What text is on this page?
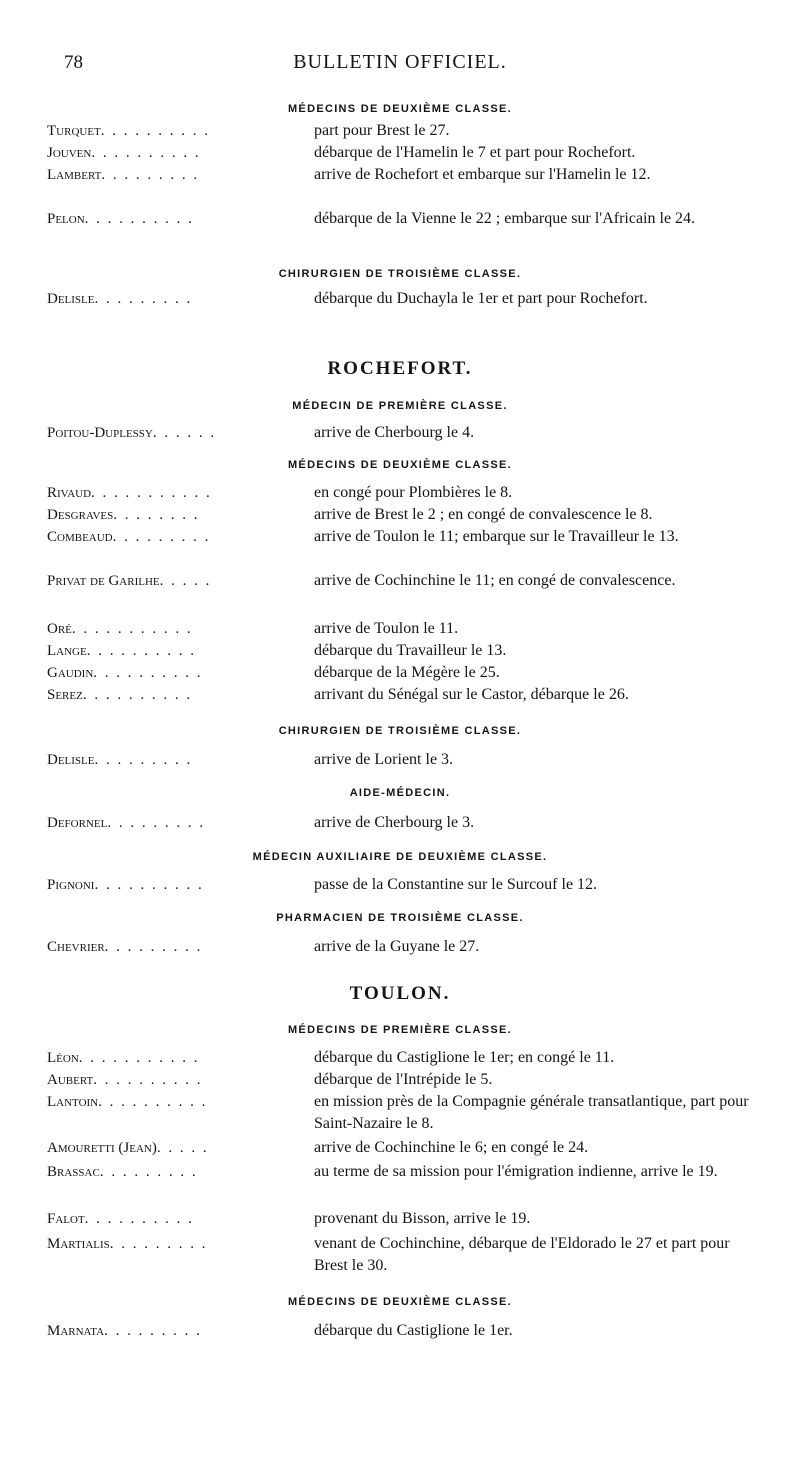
78	BULLETIN OFFICIEL.
MÉDECINS DE DEUXIÈME CLASSE.
Turquet. . . . . . . . . .	part pour Brest le 27.
Jouven. . . . . . . . . .	débarque de l'Hamelin le 7 et part pour Rochefort.
Lambert. . . . . . . . .	arrive de Rochefort et embarque sur l'Hamelin le 12.
Pelon. . . . . . . . . .	débarque de la Vienne le 22 ; embarque sur l'Africain le 24.
CHIRURGIEN DE TROISIÈME CLASSE.
Delisle. . . . . . . . .	débarque du Duchayla le 1er et part pour Rochefort.
ROCHEFORT.
MÉDECIN DE PREMIÈRE CLASSE.
Poitou-Duplessy. . . . . .	arrive de Cherbourg le 4.
MÉDECINS DE DEUXIÈME CLASSE.
Rivaud. . . . . . . . . . .	en congé pour Plombières le 8.
Desgraves. . . . . . . .	arrive de Brest le 2 ; en congé de convalescence le 8.
Combeaud. . . . . . . . .	arrive de Toulon le 11; embarque sur le Travailleur le 13.
Privat de Garilhe. . . . .	arrive de Cochinchine le 11; en congé de convalescence.
Oré. . . . . . . . . . .	arrive de Toulon le 11.
Lange. . . . . . . . . .	débarque du Travailleur le 13.
Gaudin. . . . . . . . . .	débarque de la Mégère le 25.
Serez. . . . . . . . . .	arrivant du Sénégal sur le Castor, débarque le 26.
CHIRURGIEN DE TROISIÈME CLASSE.
Delisle. . . . . . . . .	arrive de Lorient le 3.
AIDE-MÉDECIN.
Defornel. . . . . . . . .	arrive de Cherbourg le 3.
MÉDECIN AUXILIAIRE DE DEUXIÈME CLASSE.
Pignoni. . . . . . . . . .	passe de la Constantine sur le Surcouf le 12.
PHARMACIEN DE TROISIÈME CLASSE.
Chevrier. . . . . . . . .	arrive de la Guyane le 27.
TOULON.
MÉDECINS DE PREMIÈRE CLASSE.
Léon. . . . . . . . . . .	débarque du Castiglione le 1er; en congé le 11.
Aubert. . . . . . . . . .	débarque de l'Intrépide le 5.
Lantoin. . . . . . . . . .	en mission près de la Compagnie générale transatlantique, part pour Saint-Nazaire le 8.
Amouretti (Jean). . . . .	arrive de Cochinchine le 6; en congé le 24.
Brassac. . . . . . . . .	au terme de sa mission pour l'émigration indienne, arrive le 19.
Falot. . . . . . . . . .	provenant du Bisson, arrive le 19.
Martialis. . . . . . . . .	venant de Cochinchine, débarque de l'Eldorado le 27 et part pour Brest le 30.
MÉDECINS DE DEUXIÈME CLASSE.
Marnata. . . . . . . . .	débarque du Castiglione le 1er.
